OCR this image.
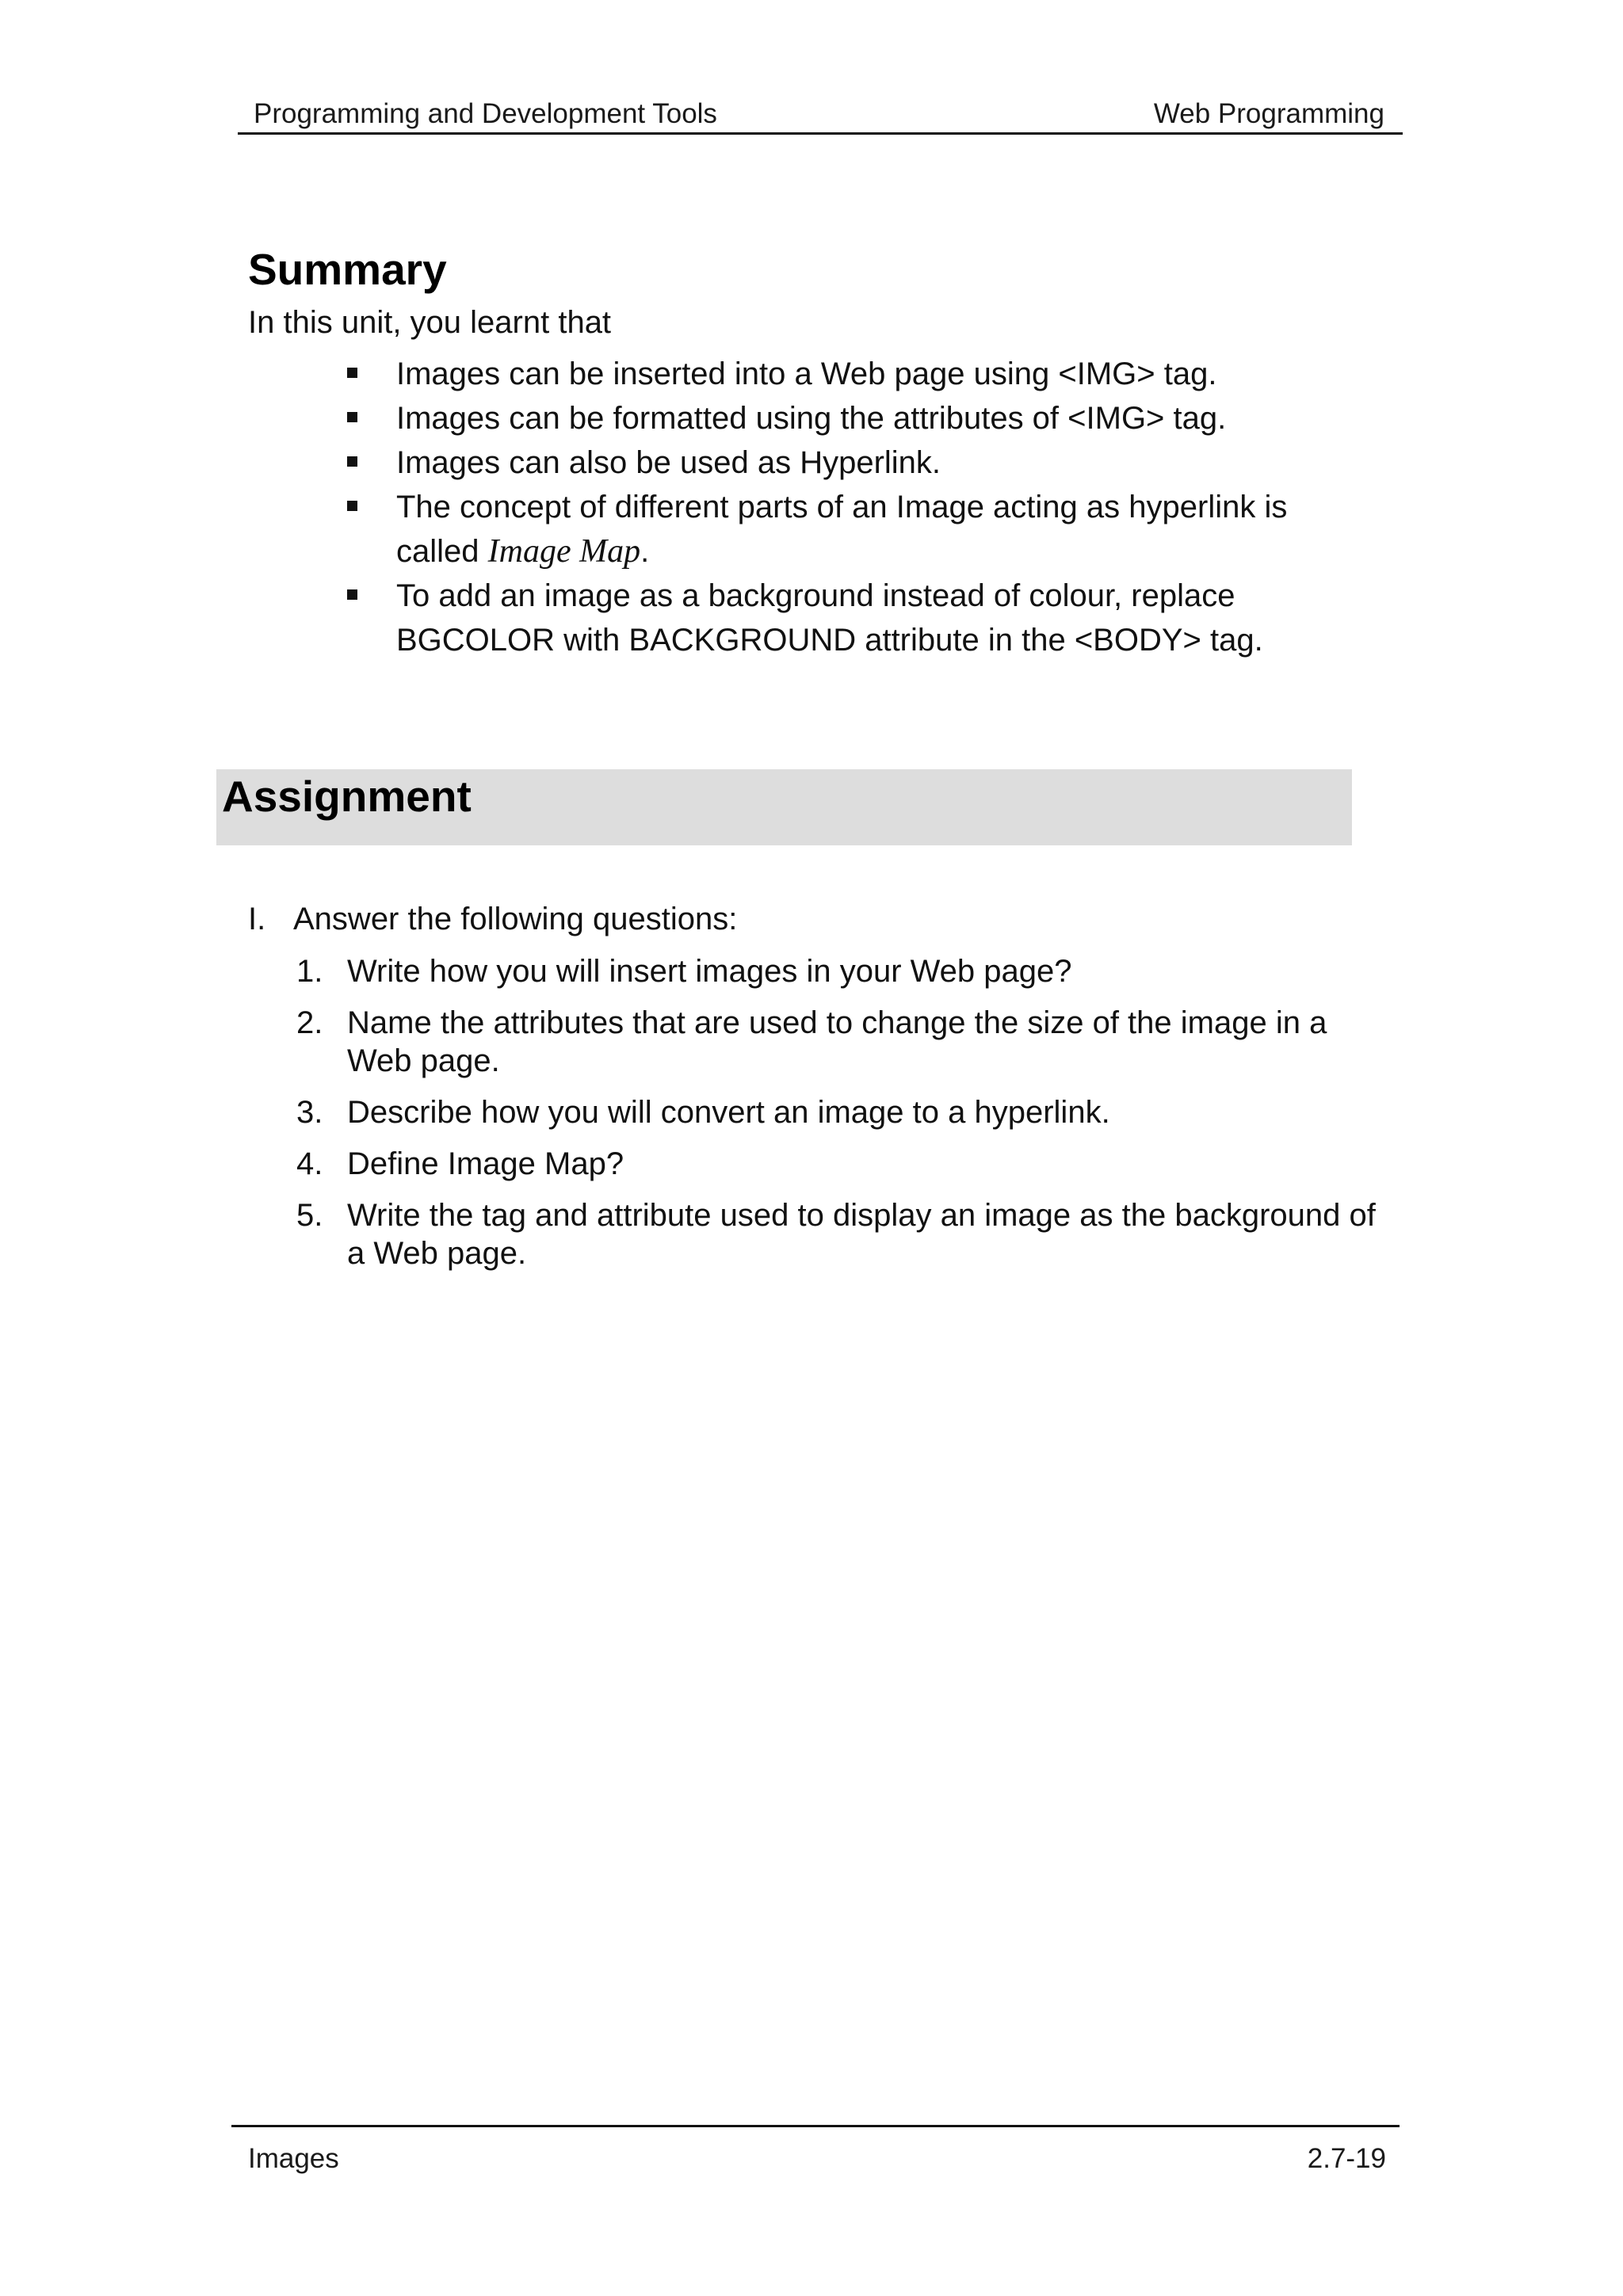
Programming and Development Tools	Web Programming
Summary
In this unit, you learnt that
Images can be inserted into a Web page using <IMG> tag.
Images can be formatted using the attributes of <IMG> tag.
Images can also be used as Hyperlink.
The concept of different parts of an Image acting as hyperlink is called Image Map.
To add an image as a background instead of colour, replace BGCOLOR with BACKGROUND attribute in the <BODY> tag.
Assignment
I. Answer the following questions:
1. Write how you will insert images in your Web page?
2. Name the attributes that are used to change the size of the image in a Web page.
3. Describe how you will convert an image to a hyperlink.
4. Define Image Map?
5. Write the tag and attribute used to display an image as the background of a Web page.
Images	2.7-19
